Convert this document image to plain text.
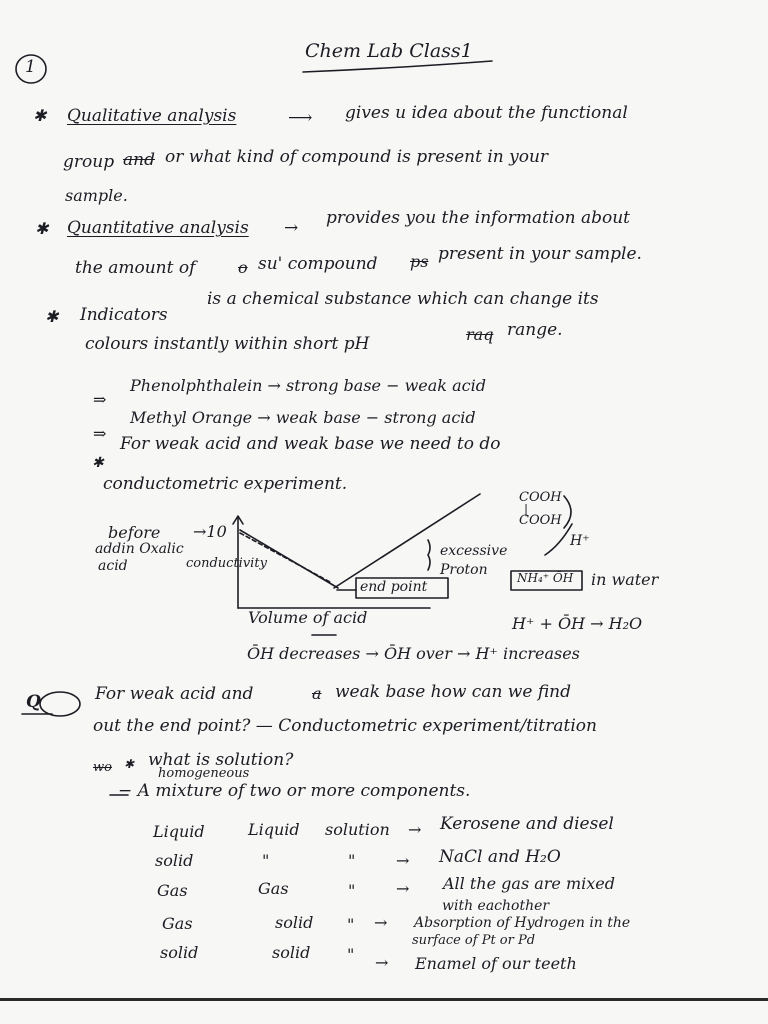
1
Chem Lab Class1
✱ Qualitative analysis	⟶ gives u idea about the functional
group and or what kind of compound is present in your
sample.
✱ Quantitative analysis → provides you the information about
the amount of	o su' compound ps present in your sample.
✱ Indicators
is a chemical substance which can change its
colours instantly within short pH	raq range.
⇒
Phenolphthalein → strong base − weak acid
⇒
Methyl Orange → weak base − strong acid
✱
For weak acid and weak base we need to do
conductometric experiment.
before
addin Oxalic
acid
→10
conductivity
Volume of acid
end point
excessive
Proton
COOH
|
COOH
H⁺
NH₄⁺ ŌH in water
H⁺ + ŌH → H₂O
ŌH decreases → ŌH over → H⁺ increases
Q	For weak acid and	a weak base how can we find
out the end point? — Conductometric experiment/titration
wo ✱ what is solution?
homogeneous
− A mixture of two or more components.
Liquid	Liquid solution → Kerosene and diesel
solid	"	"	→ NaCl and H₂O
Gas	Gas	"	→ All the gas are mixed
with eachother
Gas	solid " → Absorption of Hydrogen in the
surface of Pt or Pd
solid	solid " → Enamel of our teeth
